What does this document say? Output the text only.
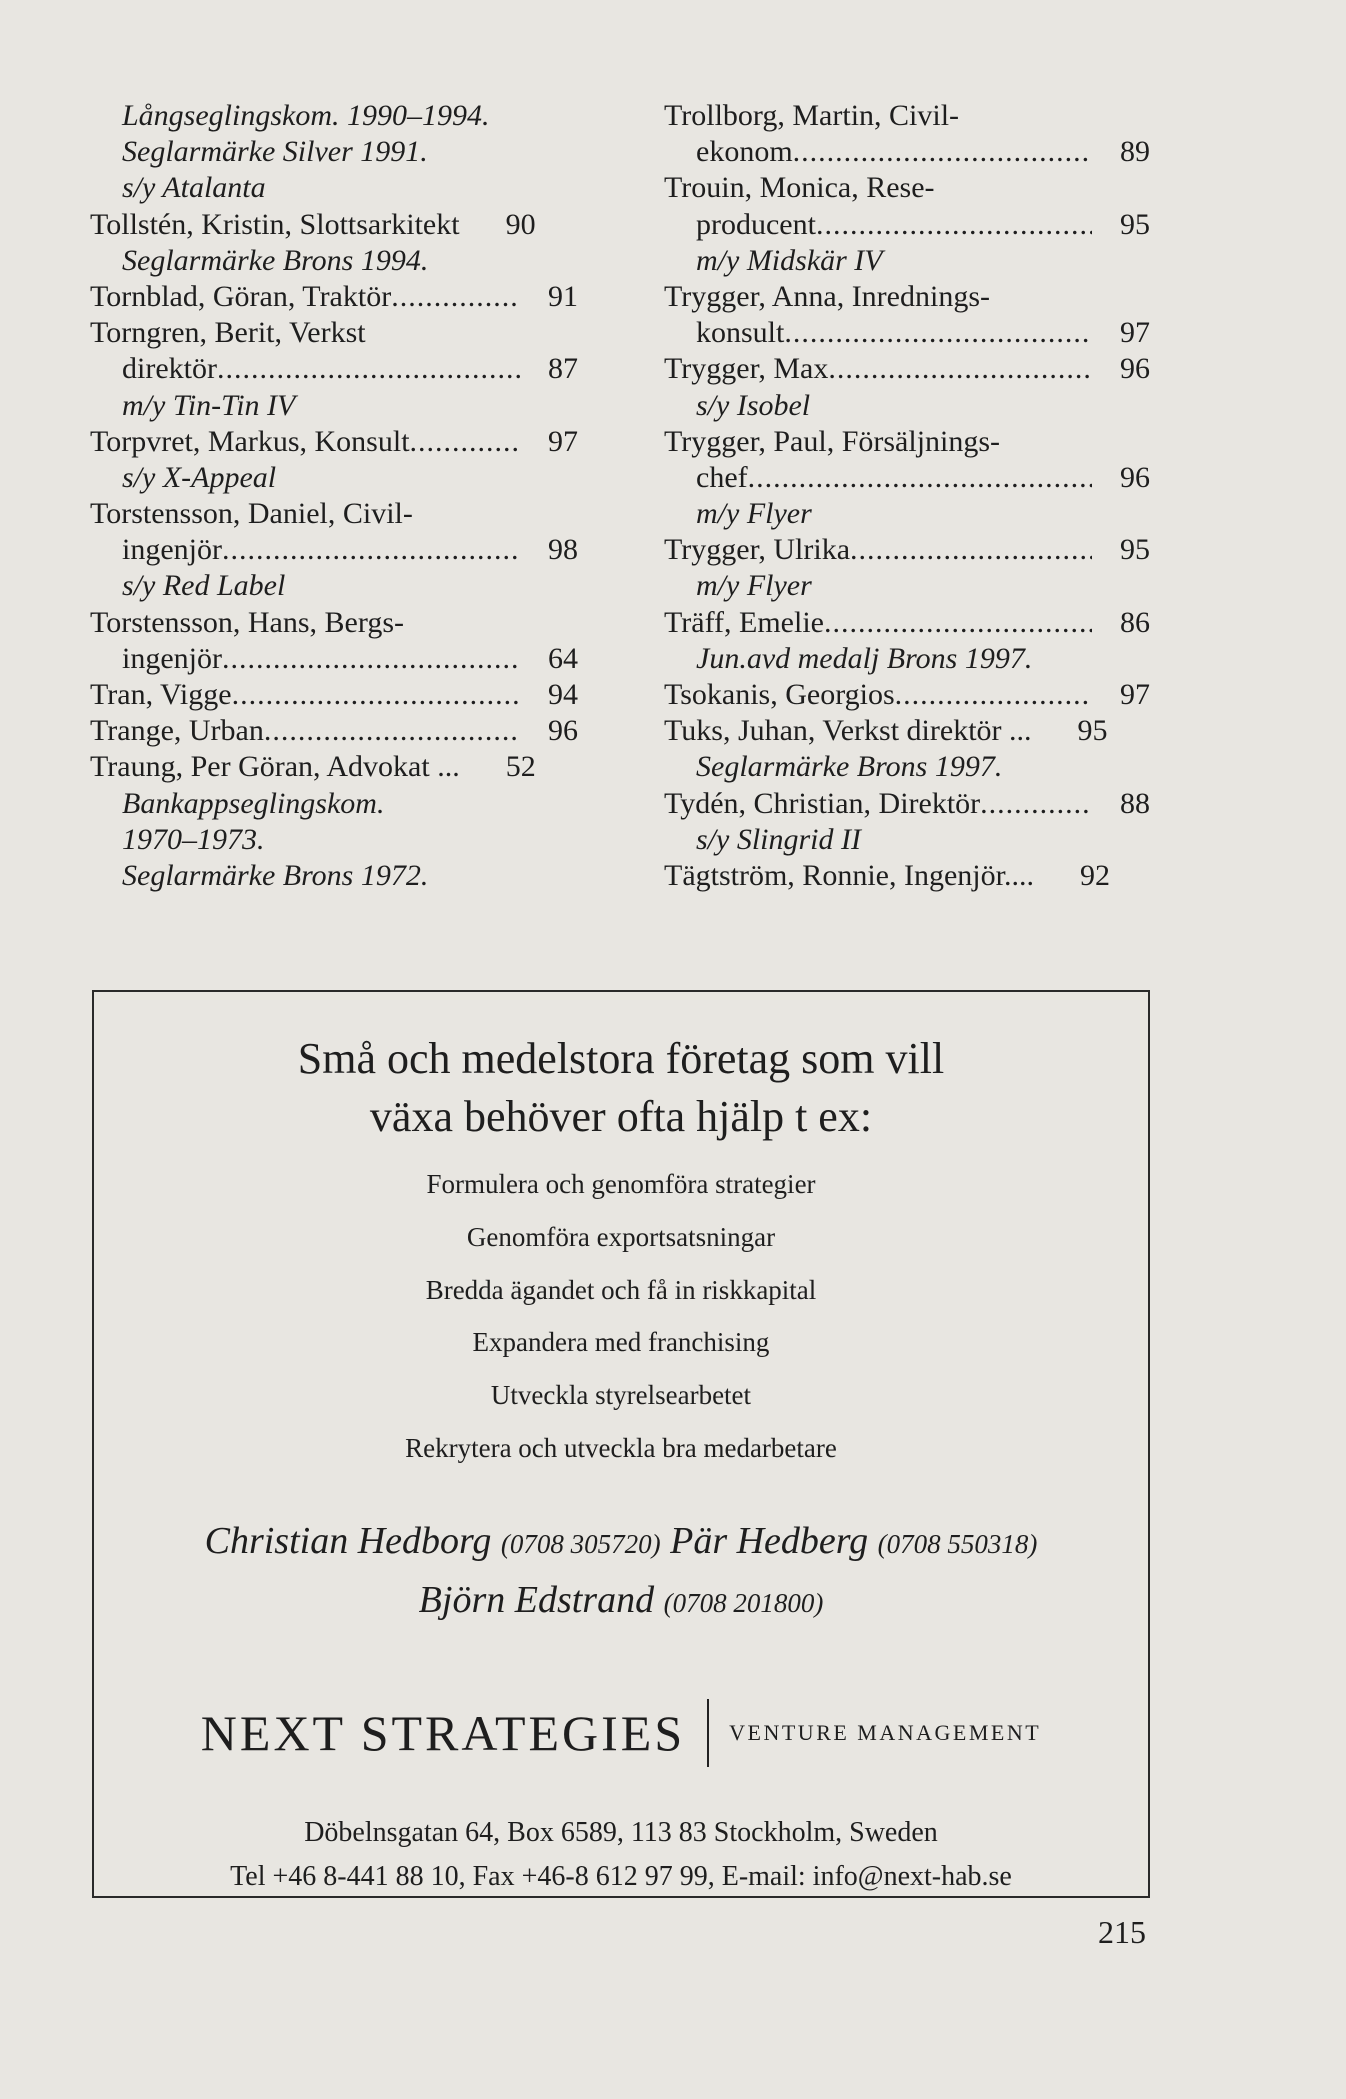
Långseglingskom. 1990–1994.
Seglarmärke Silver 1991.
s/y Atalanta
Tollstén, Kristin, Slottsarkitekt	90
Seglarmärke Brons 1994.
Tornblad, Göran, Traktör .....	91
Torngren, Berit, Verkst
direktör .....	87
m/y Tin-Tin IV
Torpvret, Markus, Konsult .....	97
s/y X-Appeal
Torstensson, Daniel, Civil-
ingenjör .....	98
s/y Red Label
Torstensson, Hans, Bergs-
ingenjör .....	64
Tran, Vigge .....	94
Trange, Urban .....	96
Traung, Per Göran, Advokat ...	52
Bankappseglingskom.
1970–1973.
Seglarmärke Brons 1972.
Trollborg, Martin, Civil-
ekonom .....	89
Trouin, Monica, Rese-
producent .....	95
m/y Midskär IV
Trygger, Anna, Inrednings-
konsult .....	97
Trygger, Max .....	96
s/y Isobel
Trygger, Paul, Försäljnings-
chef .....	96
m/y Flyer
Trygger, Ulrika .....	95
m/y Flyer
Träff, Emelie .....	86
Jun.avd medalj Brons 1997.
Tsokanis, Georgios .....	97
Tuks, Juhan, Verkst direktör ...	95
Seglarmärke Brons 1997.
Tydén, Christian, Direktör .....	88
s/y Slingrid II
Tägtström, Ronnie, Ingenjör....	92
Små och medelstora företag som vill
växa behöver ofta hjälp t ex:
Formulera och genomföra strategier
Genomföra exportsatsningar
Bredda ägandet och få in riskkapital
Expandera med franchising
Utveckla styrelsearbetet
Rekrytera och utveckla bra medarbetare
Christian Hedborg (0708 305720) Pär Hedberg (0708 550318)
Björn Edstrand (0708 201800)
NEXT STRATEGIES VENTURE MANAGEMENT
Döbelnsgatan 64, Box 6589, 113 83 Stockholm, Sweden
Tel +46 8-441 88 10, Fax +46-8 612 97 99, E-mail: info@next-hab.se
215
